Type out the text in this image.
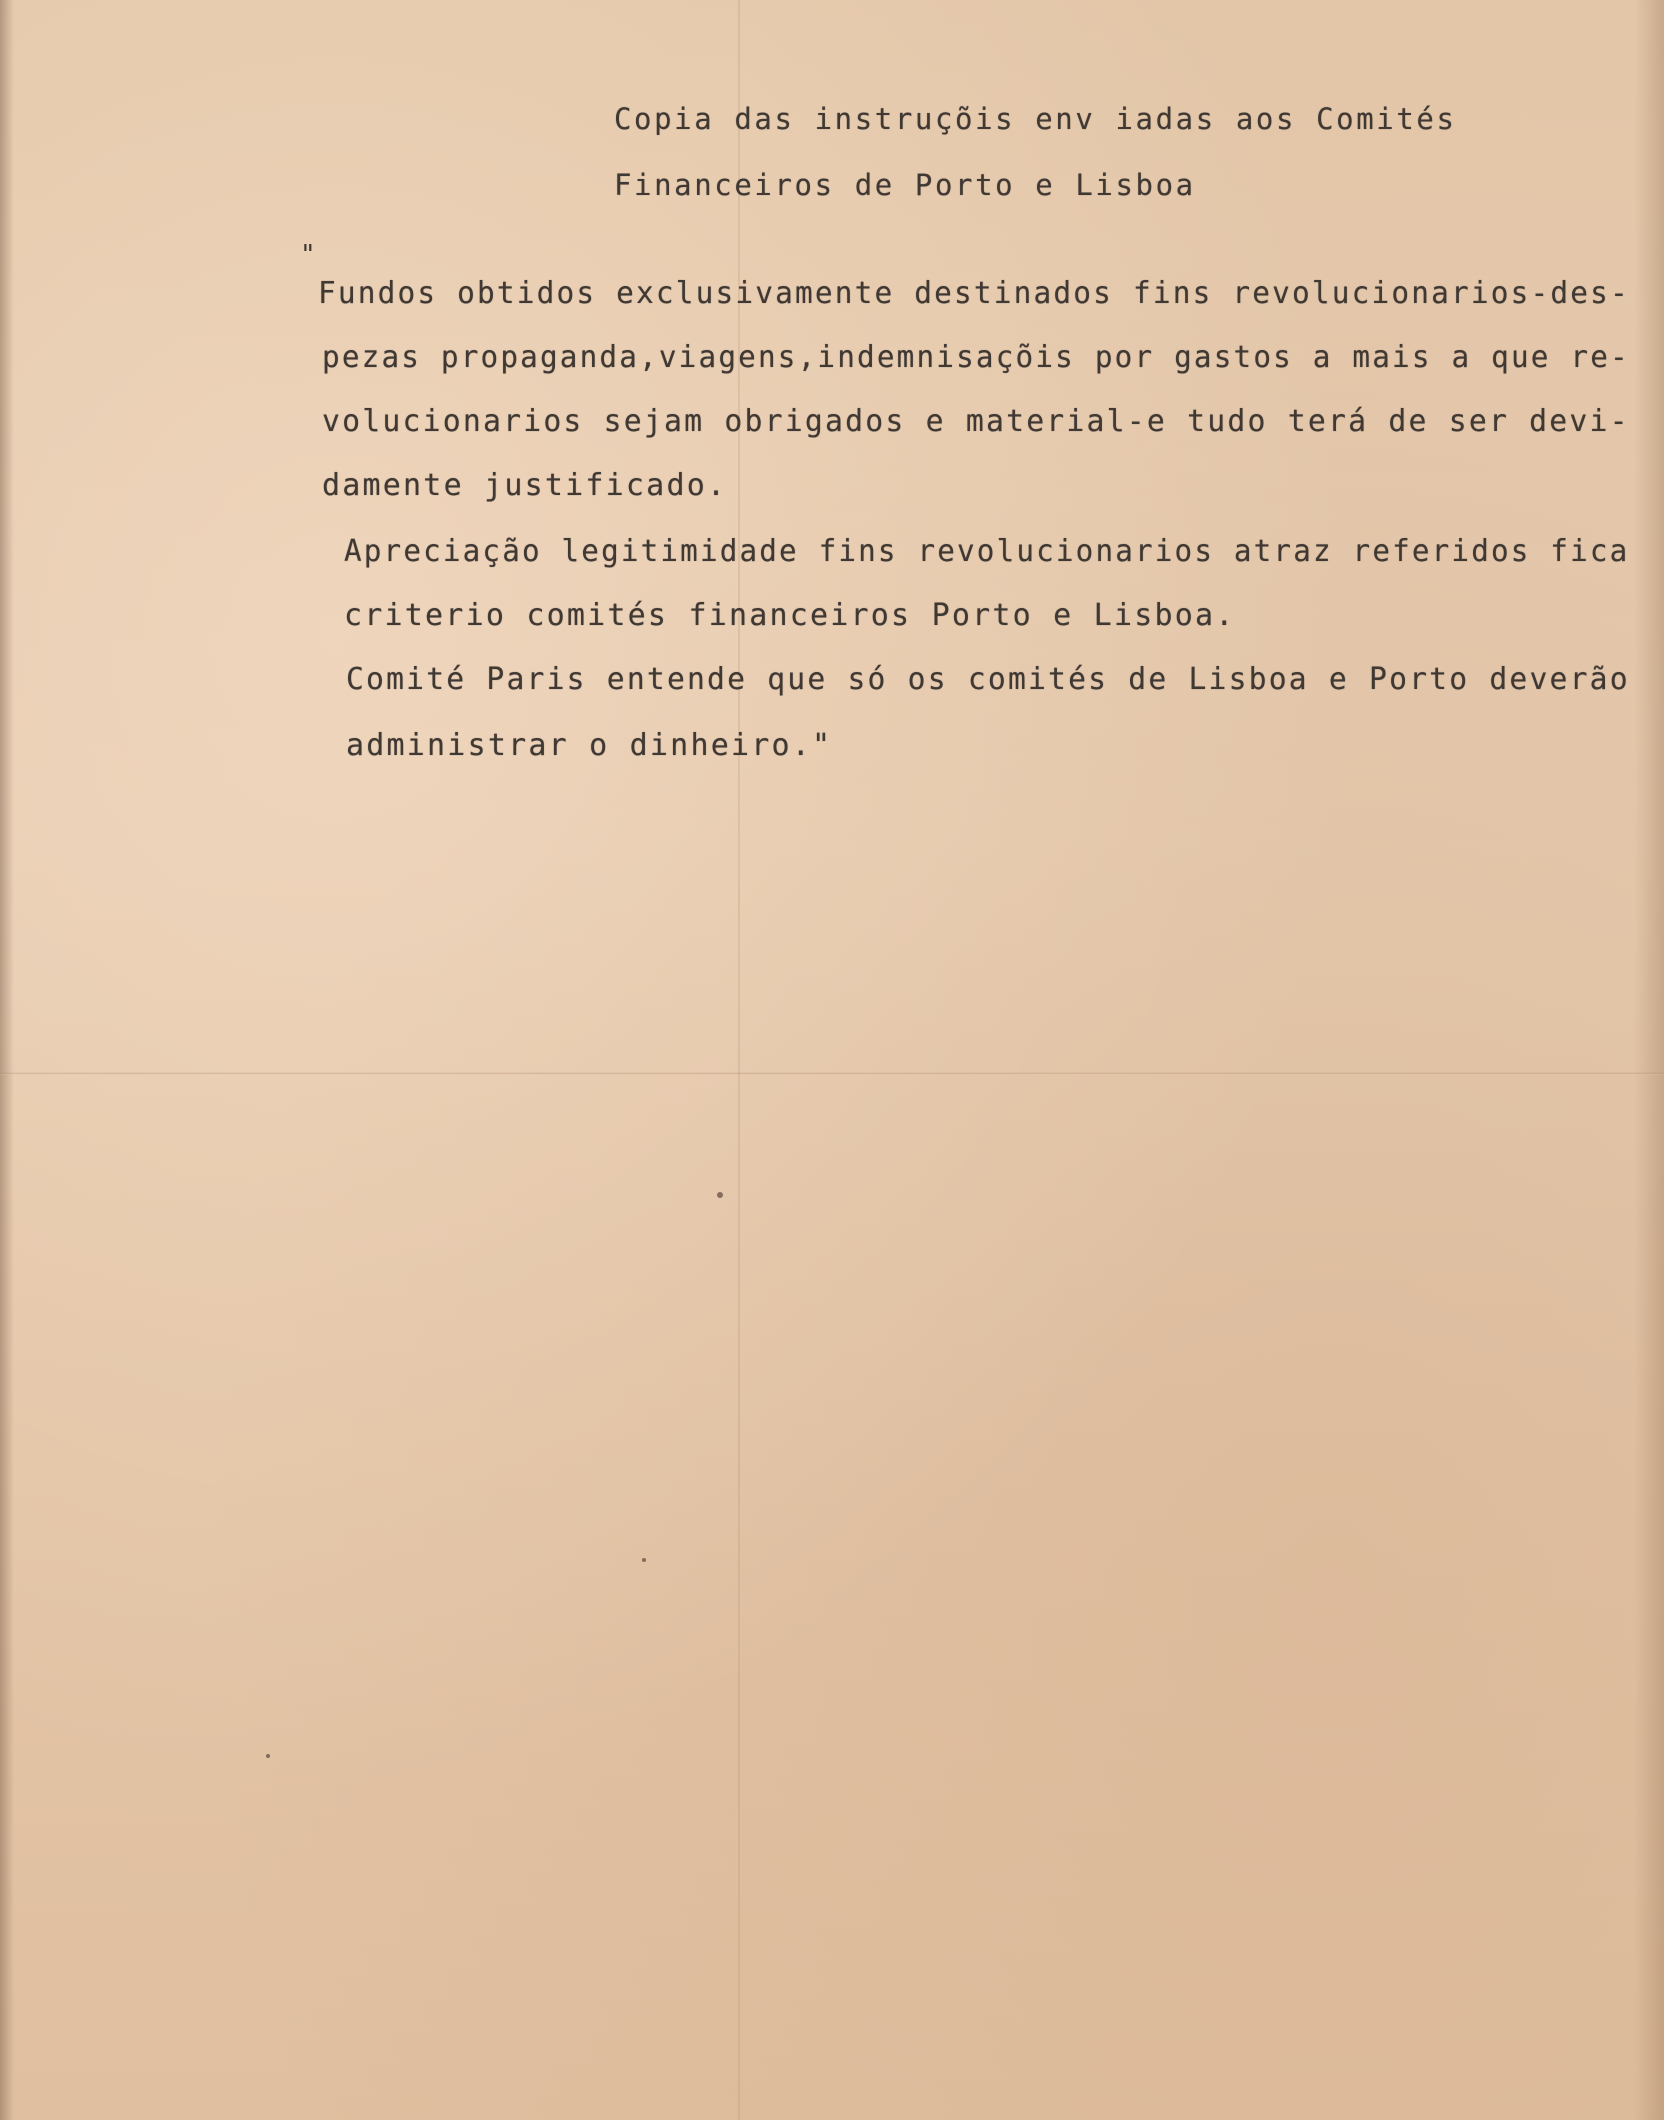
Copia das instruçõis env iadas aos Comités
Financeiros de Porto e Lisboa
"
Fundos obtidos exclusivamente destinados fins revolucionarios-des-
pezas propaganda,viagens,indemnisaçõis por gastos a mais a que re-
volucionarios sejam obrigados e material-e tudo terá de ser devi-
damente justificado.
Apreciação legitimidade fins revolucionarios atraz referidos fica
criterio comités financeiros Porto e Lisboa.
Comité Paris entende que só os comités de Lisboa e Porto deverão
administrar o dinheiro."
